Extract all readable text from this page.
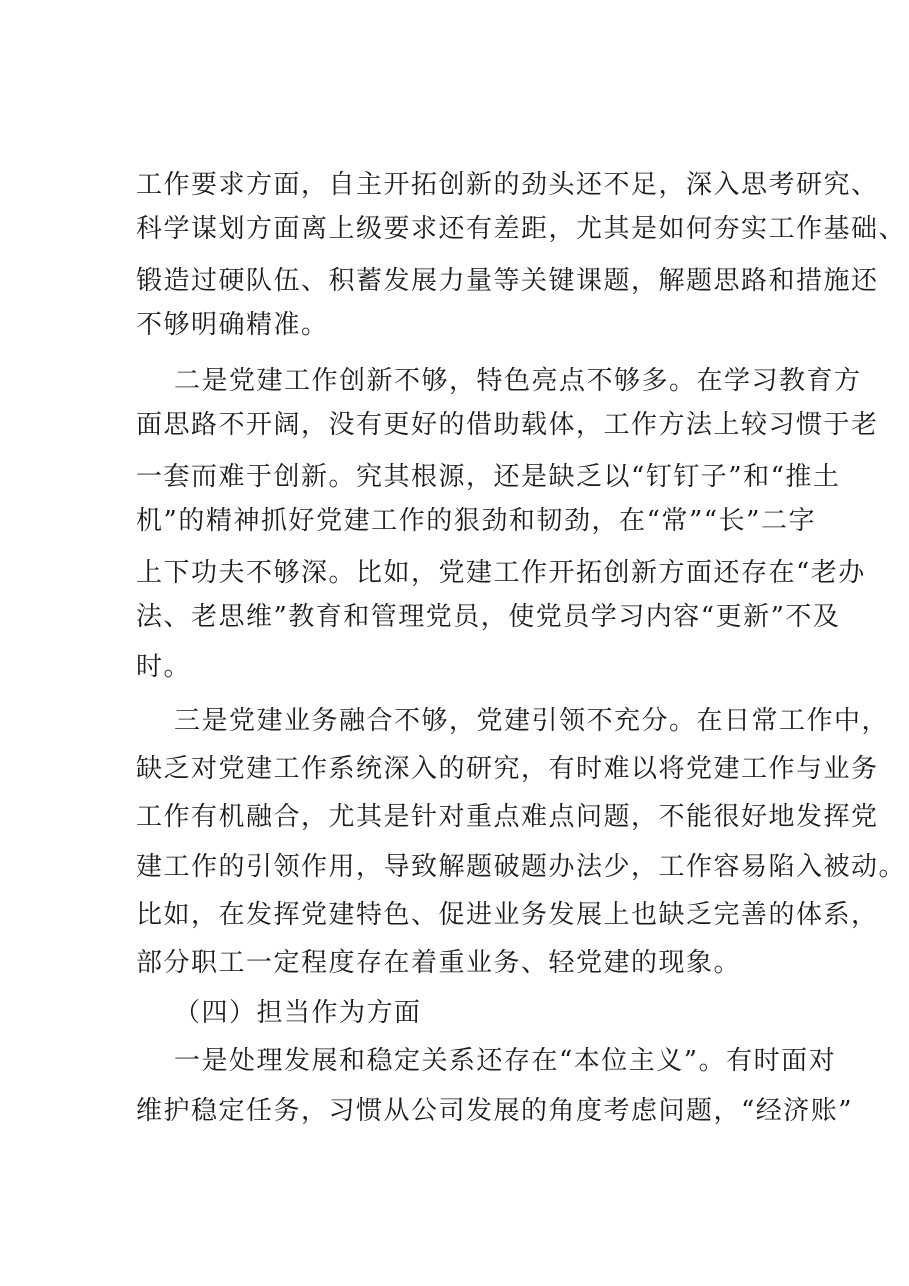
工作要求方面，自主开拓创新的劲头还不足，深入思考研究、
科学谋划方面离上级要求还有差距，尤其是如何夯实工作基础、
锻造过硬队伍、积蓄发展力量等关键课题，解题思路和措施还
不够明确精准。
二是党建工作创新不够，特色亮点不够多。在学习教育方
面思路不开阔，没有更好的借助载体，工作方法上较习惯于老
一套而难于创新。究其根源，还是缺乏以“钉钉子”和“推土
机”的精神抓好党建工作的狠劲和韧劲，在“常”“长”二字
上下功夫不够深。比如，党建工作开拓创新方面还存在“老办
法、老思维”教育和管理党员，使党员学习内容“更新”不及
时。
三是党建业务融合不够，党建引领不充分。在日常工作中，
缺乏对党建工作系统深入的研究，有时难以将党建工作与业务
工作有机融合，尤其是针对重点难点问题，不能很好地发挥党
建工作的引领作用，导致解题破题办法少，工作容易陷入被动。
比如，在发挥党建特色、促进业务发展上也缺乏完善的体系，
部分职工一定程度存在着重业务、轻党建的现象。
（四）担当作为方面
一是处理发展和稳定关系还存在“本位主义”。有时面对
维护稳定任务，习惯从公司发展的角度考虑问题，“经济账”
